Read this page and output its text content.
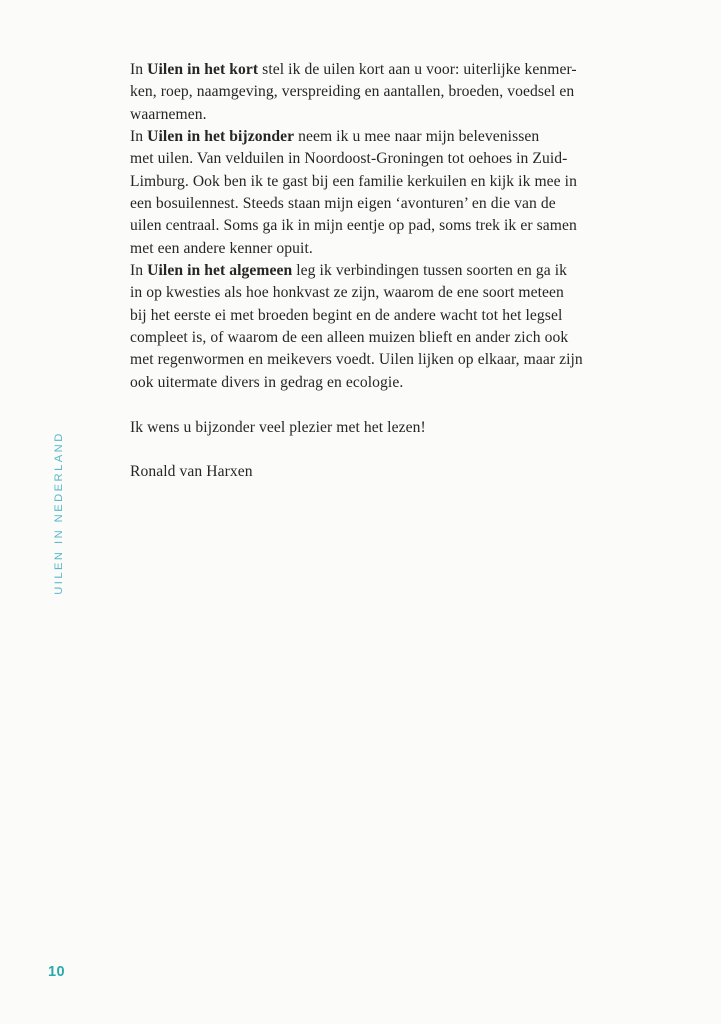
UILEN IN NEDERLAND
10

In Uilen in het kort stel ik de uilen kort aan u voor: uiterlijke kenmer-
ken, roep, naamgeving, verspreiding en aantallen, broeden, voedsel en
waarnemen.

In Uilen in het bijzonder neem ik u mee naar mijn belevenissen
met uilen. Van velduilen in Noordoost-Groningen tot oehoes in Zuid-
Limburg. Ook ben ik te gast bij een familie kerkuilen en kijk ik mee in
een bosuilennest. Steeds staan mijn eigen ‘avonturen’ en die van de
uilen centraal. Soms ga ik in mijn eentje op pad, soms trek ik er samen
met een andere kenner opuit.

In Uilen in het algemeen leg ik verbindingen tussen soorten en ga ik
in op kwesties als hoe honkvast ze zijn, waarom de ene soort meteen
bij het eerste ei met broeden begint en de andere wacht tot het legsel
compleet is, of waarom de een alleen muizen blieft en ander zich ook
met regenwormen en meikevers voedt. Uilen lijken op elkaar, maar zijn
ook uitermate divers in gedrag en ecologie.

Ik wens u bijzonder veel plezier met het lezen!

Ronald van Harxen
